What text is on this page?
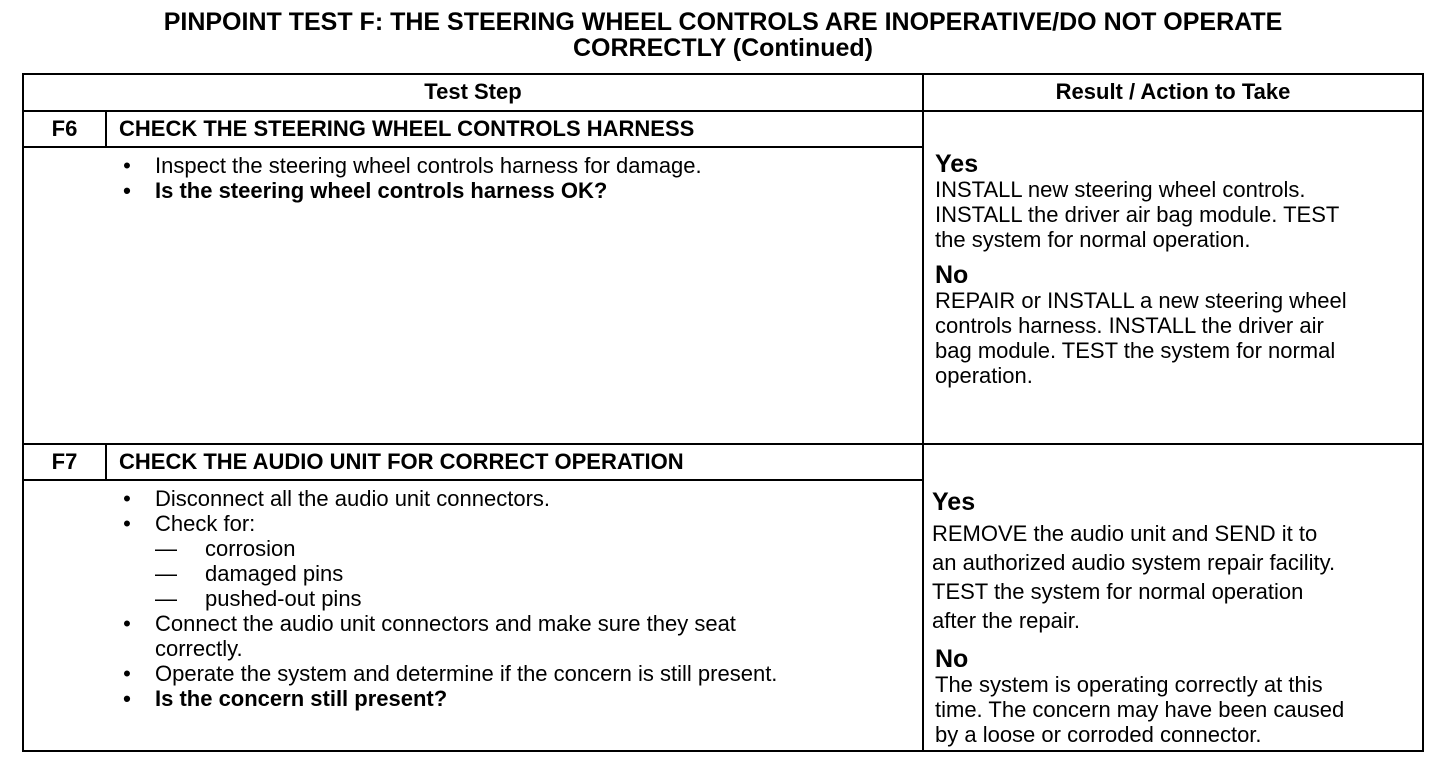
PINPOINT TEST F: THE STEERING WHEEL CONTROLS ARE INOPERATIVE/DO NOT OPERATE
CORRECTLY (Continued)
Test Step	Result / Action to Take
F6	CHECK THE STEERING WHEEL CONTROLS HARNESS
• Inspect the steering wheel controls harness for damage.
• Is the steering wheel controls harness OK?
Yes

INSTALL new steering wheel controls.

INSTALL the driver air bag module. TEST

the system for normal operation.

No

REPAIR or INSTALL a new steering wheel

controls harness. INSTALL the driver air

bag module. TEST the system for normal

operation.

F7	CHECK THE AUDIO UNIT FOR CORRECT OPERATION
• Disconnect all the audio unit connectors.
• Check for:
— corrosion
— damaged pins
— pushed-out pins
• Connect the audio unit connectors and make sure they seat
correctly.
• Operate the system and determine if the concern is still present.
• Is the concern still present?
Yes

REMOVE the audio unit and SEND it to

an authorized audio system repair facility.

TEST the system for normal operation

after the repair.

No

The system is operating correctly at this

time. The concern may have been caused

by a loose or corroded connector.
